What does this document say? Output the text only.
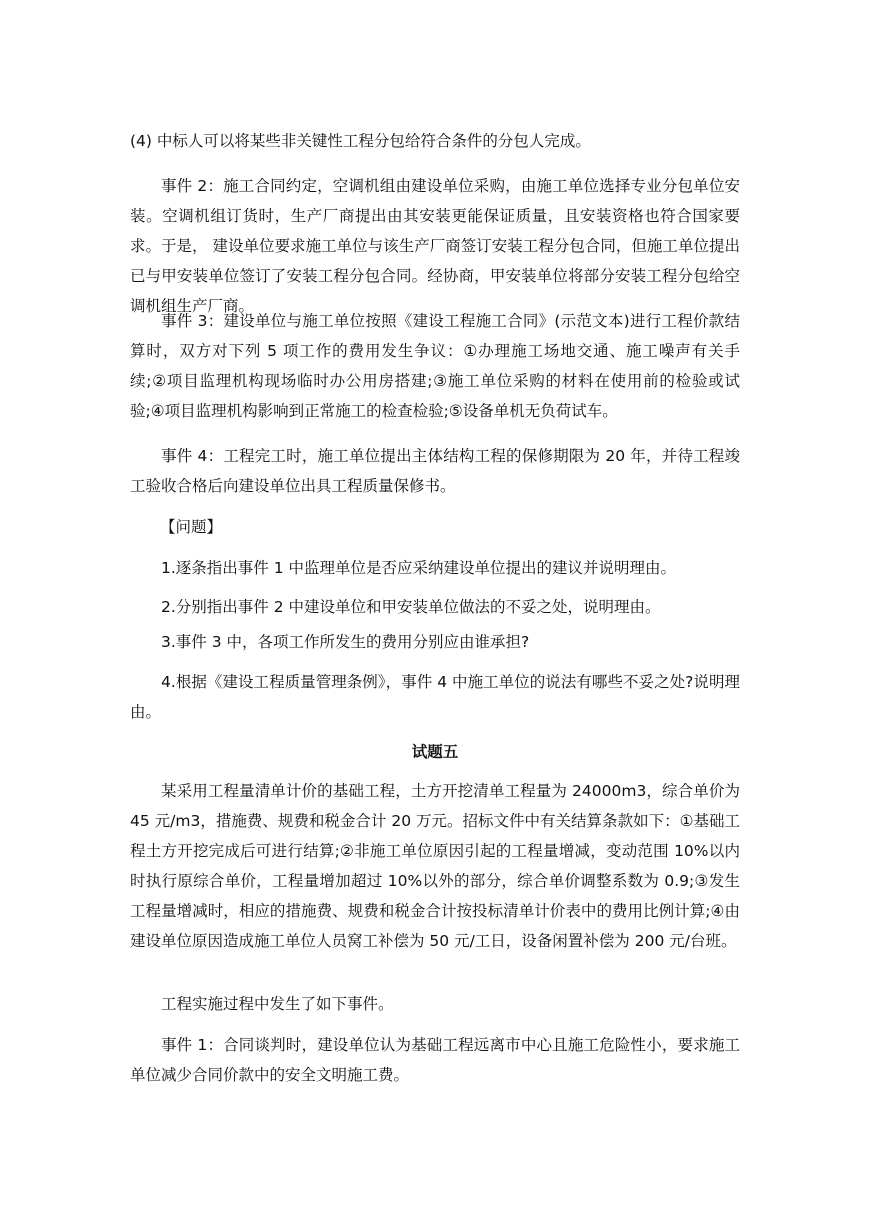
(4) 中标人可以将某些非关键性工程分包给符合条件的分包人完成。

事件 2：施工合同约定，空调机组由建设单位采购，由施工单位选择专业分包单位安装。空调机组订货时，生产厂商提出由其安装更能保证质量，且安装资格也符合国家要求。于是， 建设单位要求施工单位与该生产厂商签订安装工程分包合同，但施工单位提出已与甲安装单位签订了安装工程分包合同。经协商，甲安装单位将部分安装工程分包给空调机组生产厂商。

事件 3：建设单位与施工单位按照《建设工程施工合同》(示范文本)进行工程价款结算时，双方对下列 5 项工作的费用发生争议：①办理施工场地交通、施工噪声有关手续;②项目监理机构现场临时办公用房搭建;③施工单位采购的材料在使用前的检验或试验;④项目监理机构影响到正常施工的检查检验;⑤设备单机无负荷试车。

事件 4：工程完工时，施工单位提出主体结构工程的保修期限为 20 年，并待工程竣工验收合格后向建设单位出具工程质量保修书。

【问题】

1.逐条指出事件 1 中监理单位是否应采纳建设单位提出的建议并说明理由。

2.分别指出事件 2 中建设单位和甲安装单位做法的不妥之处，说明理由。

3.事件 3 中，各项工作所发生的费用分别应由谁承担?

4.根据《建设工程质量管理条例》，事件 4 中施工单位的说法有哪些不妥之处?说明理由。

试题五

某采用工程量清单计价的基础工程，土方开挖清单工程量为 24000m3，综合单价为 45 元/m3，措施费、规费和税金合计 20 万元。招标文件中有关结算条款如下：①基础工程土方开挖完成后可进行结算;②非施工单位原因引起的工程量增减，变动范围 10%以内时执行原综合单价，工程量增加超过 10%以外的部分，综合单价调整系数为 0.9;③发生工程量增减时，相应的措施费、规费和税金合计按投标清单计价表中的费用比例计算;④由建设单位原因造成施工单位人员窝工补偿为 50 元/工日，设备闲置补偿为 200 元/台班。

工程实施过程中发生了如下事件。

事件 1：合同谈判时，建设单位认为基础工程远离市中心且施工危险性小，要求施工单位减少合同价款中的安全文明施工费。
